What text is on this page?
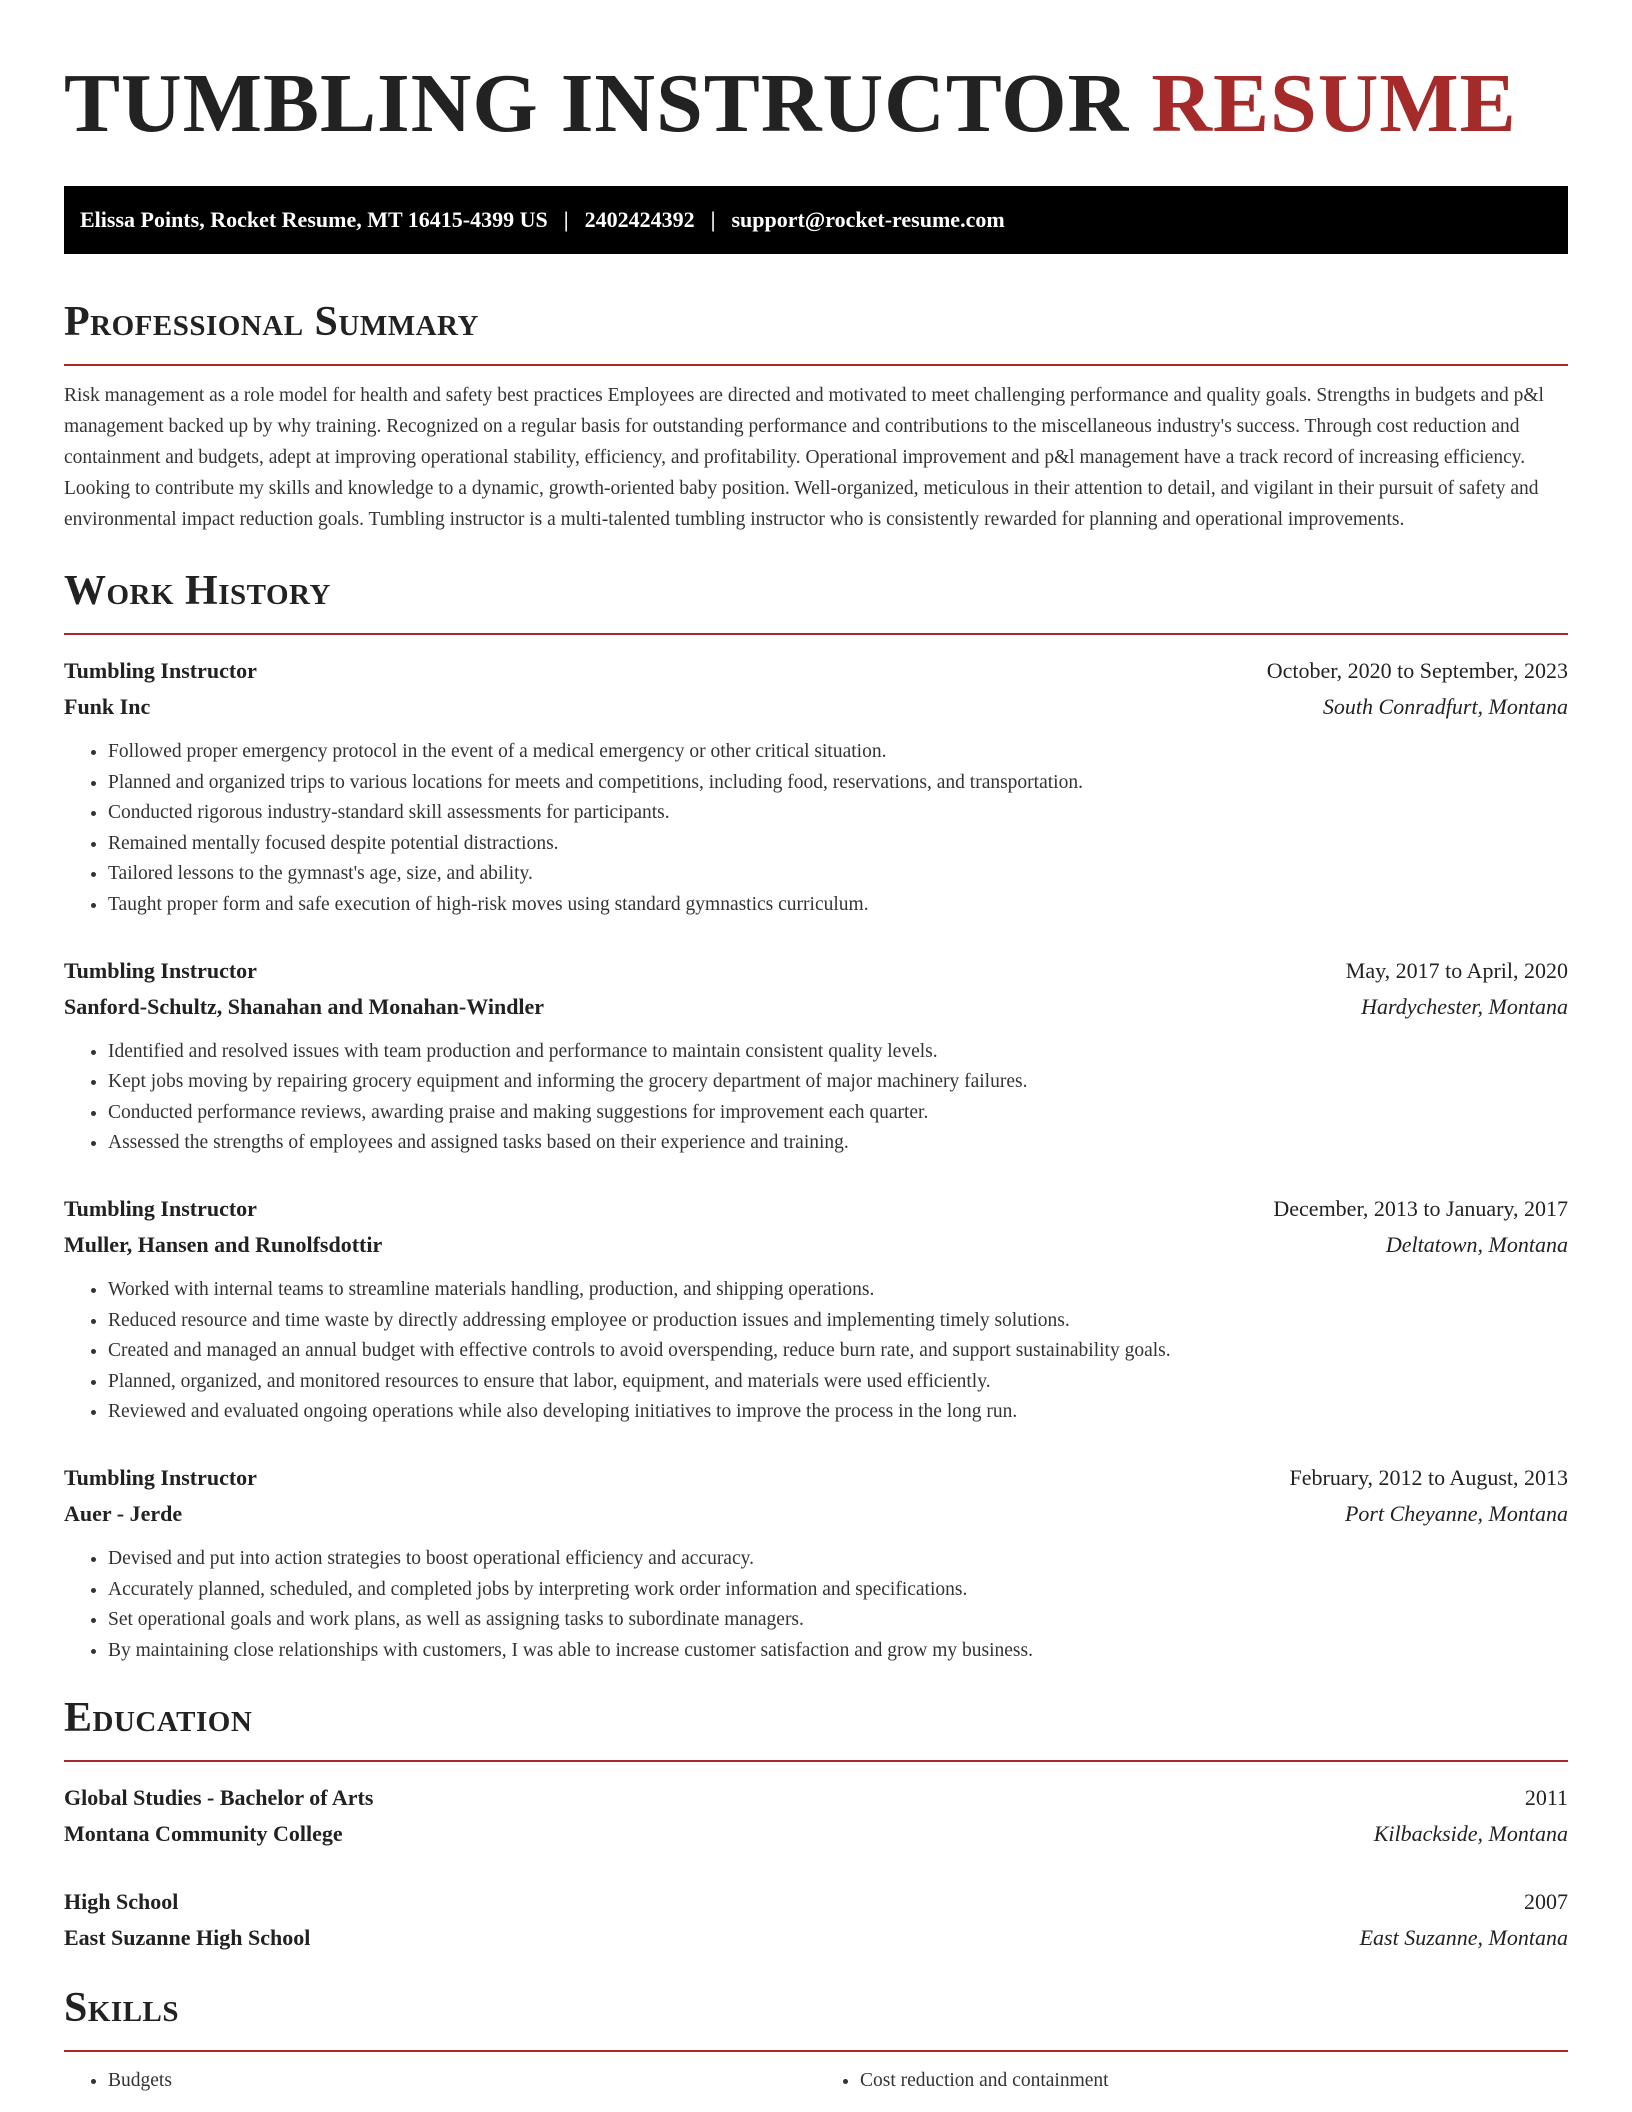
TUMBLING INSTRUCTOR RESUME
Elissa Points, Rocket Resume, MT 16415-4399 US | 2402424392 | support@rocket-resume.com
Professional Summary

Risk management as a role model for health and safety best practices Employees are directed and motivated to meet challenging performance and quality goals. Strengths in budgets and p&l management backed up by why training. Recognized on a regular basis for outstanding performance and contributions to the miscellaneous industry's success. Through cost reduction and containment and budgets, adept at improving operational stability, efficiency, and profitability. Operational improvement and p&l management have a track record of increasing efficiency. Looking to contribute my skills and knowledge to a dynamic, growth-oriented baby position. Well-organized, meticulous in their attention to detail, and vigilant in their pursuit of safety and environmental impact reduction goals. Tumbling instructor is a multi-talented tumbling instructor who is consistently rewarded for planning and operational improvements.

Work History
Tumbling Instructor	October, 2020 to September, 2023
Funk Inc	South Conradfurt, Montana
• Followed proper emergency protocol in the event of a medical emergency or other critical situation.
• Planned and organized trips to various locations for meets and competitions, including food, reservations, and transportation.
• Conducted rigorous industry-standard skill assessments for participants.
• Remained mentally focused despite potential distractions.
• Tailored lessons to the gymnast's age, size, and ability.
• Taught proper form and safe execution of high-risk moves using standard gymnastics curriculum.
Tumbling Instructor	May, 2017 to April, 2020
Sanford-Schultz, Shanahan and Monahan-Windler	Hardychester, Montana
• Identified and resolved issues with team production and performance to maintain consistent quality levels.
• Kept jobs moving by repairing grocery equipment and informing the grocery department of major machinery failures.
• Conducted performance reviews, awarding praise and making suggestions for improvement each quarter.
• Assessed the strengths of employees and assigned tasks based on their experience and training.
Tumbling Instructor	December, 2013 to January, 2017
Muller, Hansen and Runolfsdottir	Deltatown, Montana
• Worked with internal teams to streamline materials handling, production, and shipping operations.
• Reduced resource and time waste by directly addressing employee or production issues and implementing timely solutions.
• Created and managed an annual budget with effective controls to avoid overspending, reduce burn rate, and support sustainability goals.
• Planned, organized, and monitored resources to ensure that labor, equipment, and materials were used efficiently.
• Reviewed and evaluated ongoing operations while also developing initiatives to improve the process in the long run.
Tumbling Instructor	February, 2012 to August, 2013
Auer - Jerde	Port Cheyanne, Montana
• Devised and put into action strategies to boost operational efficiency and accuracy.
• Accurately planned, scheduled, and completed jobs by interpreting work order information and specifications.
• Set operational goals and work plans, as well as assigning tasks to subordinate managers.
• By maintaining close relationships with customers, I was able to increase customer satisfaction and grow my business.
Education
Global Studies - Bachelor of Arts	2011
Montana Community College	Kilbackside, Montana
High School	2007
East Suzanne High School	East Suzanne, Montana
Skills
• Budgets
•	Cost reduction and containment
